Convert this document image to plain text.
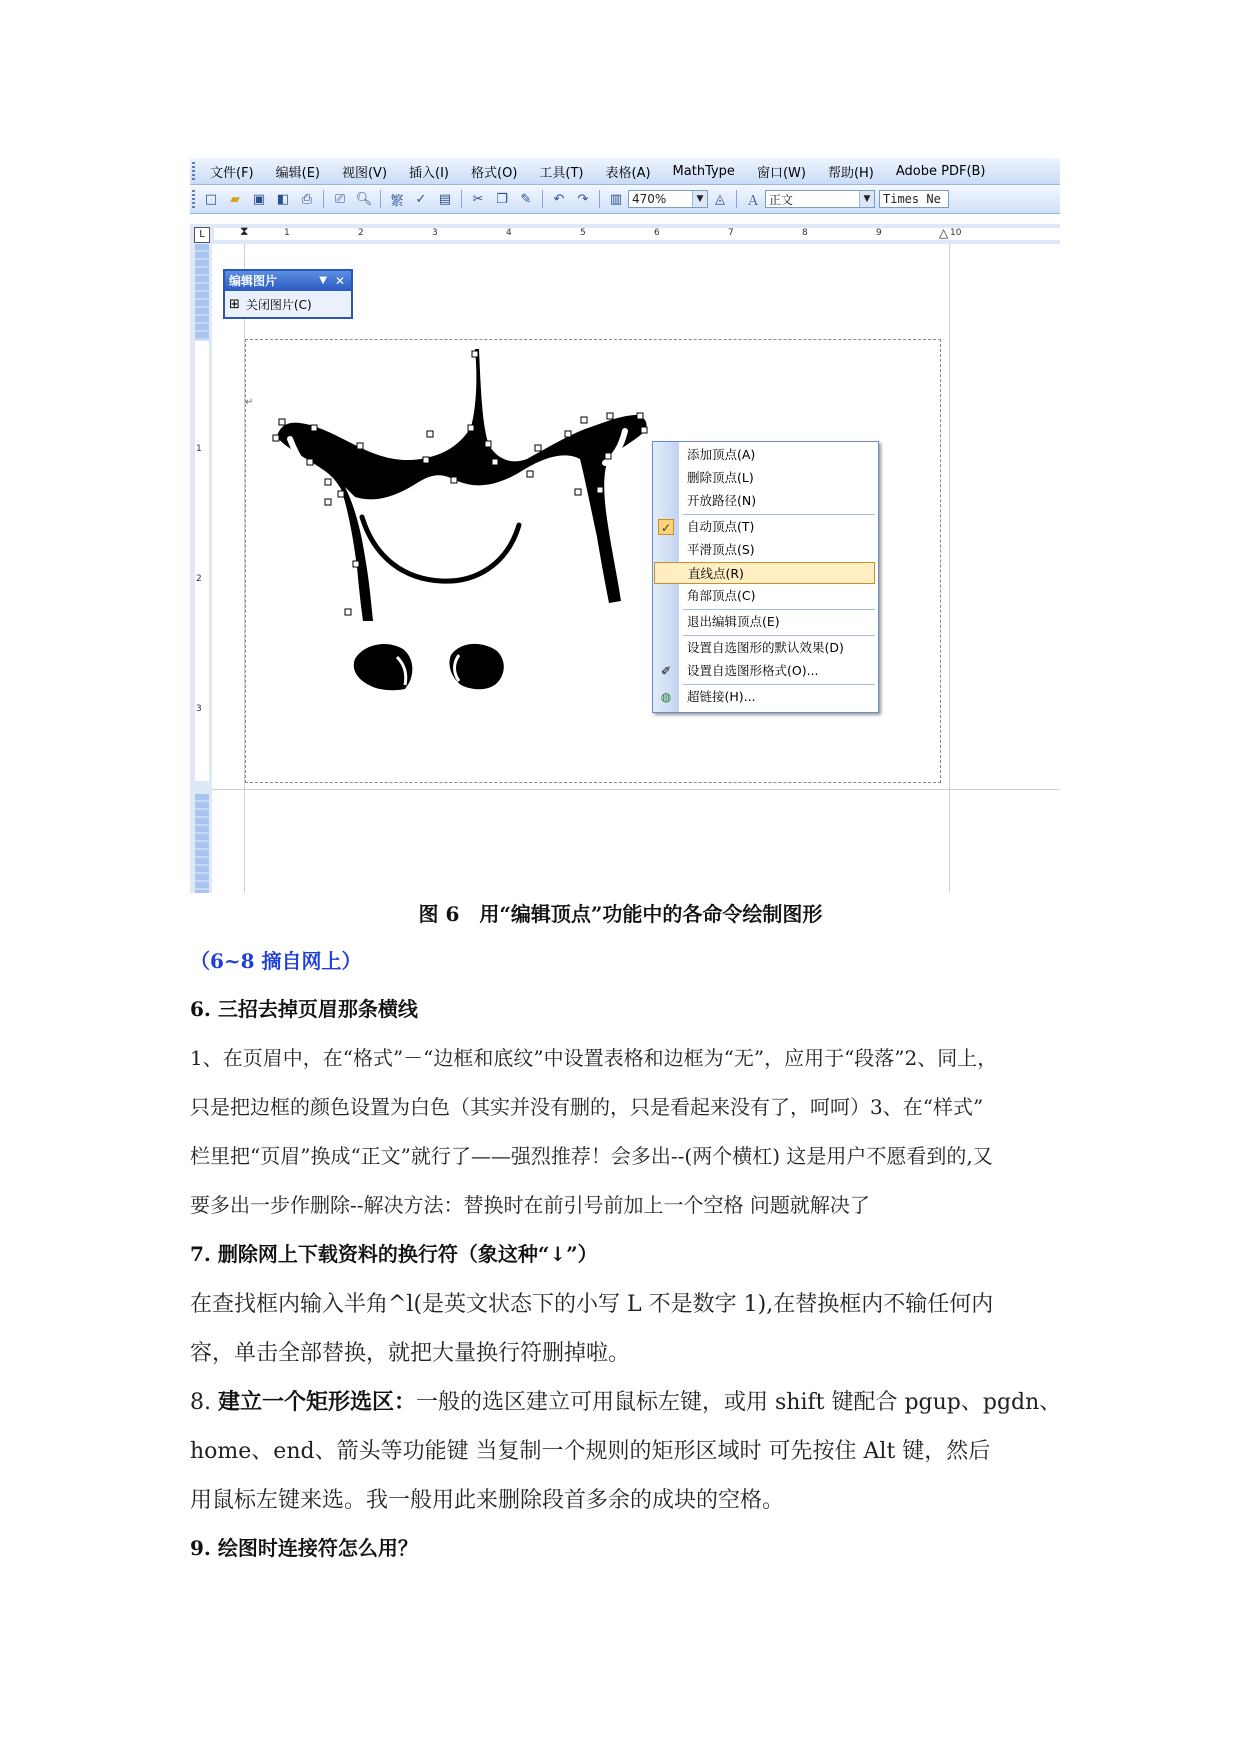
文件(F)	编辑(E)	视图(V)	插入(I)	格式(O)	工具(T)	表格(A)	MathType	窗口(W)	帮助(H)	Adobe PDF(B)
□ ▰ ▣ ◧ ⎙	⎚ 🔍︎ 繁 ✓ ▤	✂ ❐ ✎	↶	↷	▥ 470%	▼ ◬	Ａ 正文	▼ Times Ne
L	1	2	3	4	5	6	7	8	9	10
⧗	△
1
2
3
编辑图片	▼ ✕
⊞ 关闭图片(C)
↵
添加顶点(A)
删除顶点(L)
开放路径(N)
✓ 自动顶点(T)
平滑顶点(S)
直线点(R)
角部顶点(C)
退出编辑顶点(E)
设置自选图形的默认效果(D)
✐ 设置自选图形格式(O)...
◍ 超链接(H)...
图 6　用“编辑顶点”功能中的各命令绘制图形
（6~8 摘自网上）
6. 三招去掉页眉那条横线
1、在页眉中，在“格式”－“边框和底纹”中设置表格和边框为“无”，应用于“段落”2、同上，
只是把边框的颜色设置为白色（其实并没有删的，只是看起来没有了，呵呵）3、在“样式”
栏里把“页眉”换成“正文”就行了——强烈推荐！会多出--(两个横杠) 这是用户不愿看到的,又
要多出一步作删除--解决方法：替换时在前引号前加上一个空格 问题就解决了
7. 删除网上下载资料的换行符（象这种“↓”）
在查找框内输入半角^l(是英文状态下的小写 L 不是数字 1),在替换框内不输任何内
容，单击全部替换，就把大量换行符删掉啦。
8. 建立一个矩形选区：一般的选区建立可用鼠标左键，或用 shift 键配合 pgup、pgdn、
home、end、箭头等功能键 当复制一个规则的矩形区域时 可先按住 Alt 键，然后
用鼠标左键来选。我一般用此来删除段首多余的成块的空格。
9. 绘图时连接符怎么用？
